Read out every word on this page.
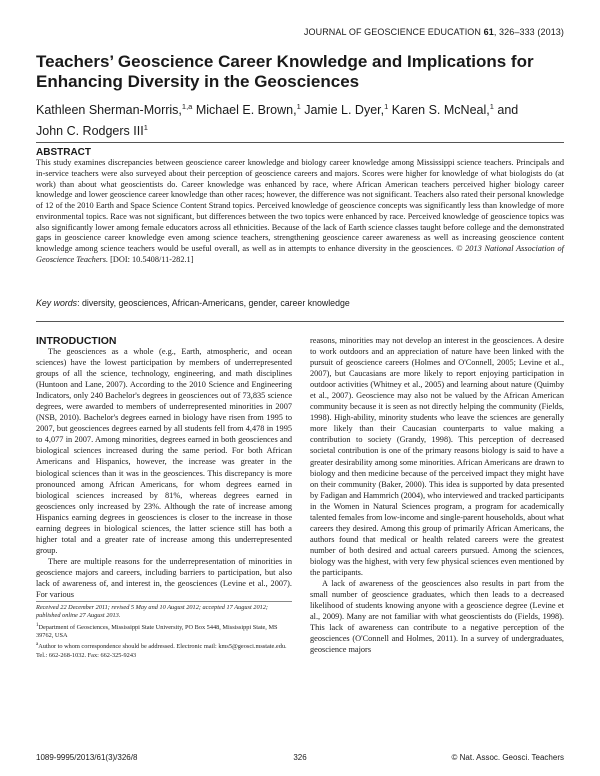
JOURNAL OF GEOSCIENCE EDUCATION 61, 326–333 (2013)
Teachers’ Geoscience Career Knowledge and Implications for Enhancing Diversity in the Geosciences
Kathleen Sherman-Morris,$^{1,a}$ Michael E. Brown,$^1$ Jamie L. Dyer,$^1$ Karen S. McNeal,$^1$ and
John C. Rodgers III$^1$
ABSTRACT

This study examines discrepancies between geoscience career knowledge and biology career knowledge among Mississippi science teachers. Principals and in-service teachers were also surveyed about their perception of geoscience careers and majors. Scores were higher for knowledge of what biologists do (at work) than about what geoscientists do. Career knowledge was enhanced by race, where African American teachers perceived higher biology career knowledge and lower geoscience career knowledge than other races; however, the difference was not significant. Teachers also rated their personal knowledge of 12 of the 2010 Earth and Space Science Content Strand topics. Perceived knowledge of geoscience concepts was significantly less than knowledge of more environmental topics. Race was not significant, but differences between the two topics were enhanced by race. Perceived knowledge of geoscience topics was also significantly lower among female educators across all ethnicities. Because of the lack of Earth science classes taught before college and the demonstrated gaps in geoscience career knowledge even among science teachers, strengthening geoscience career awareness as well as increasing geoscience content knowledge among science teachers would be useful overall, as well as in attempts to enhance diversity in the geosciences. © 2013 National Association of Geoscience Teachers. [DOI: 10.5408/11-282.1]

Key words: diversity, geosciences, African-Americans, gender, career knowledge
INTRODUCTION

The geosciences as a whole (e.g., Earth, atmospheric, and ocean sciences) have the lowest participation by members of underrepresented groups of all the science, technology, engineering, and math disciplines (Huntoon and Lane, 2007). According to the 2010 Science and Engineering Indicators, only 240 Bachelor's degrees in geosciences out of 73,835 science degrees, were awarded to members of underrepresented minorities in 2007 (NSB, 2010). Bachelor's degrees earned in biology have risen from 1995 to 2007, but geosciences degrees earned by all students fell from 4,478 in 1995 to 4,077 in 2007. Among minorities, degrees earned in both geosciences and biological sciences increased during the same period. For both African Americans and Hispanics, however, the increase was greater in the biological sciences than it was in the geosciences. This discrepancy is more pronounced among African Americans, for whom degrees earned in biological sciences increased by 81%, whereas degrees earned in geosciences only increased by 23%. Although the rate of increase among Hispanics earning degrees in geosciences is closer to the increase in those earning degrees in biological sciences, the latter science still has both a higher total and a greater rate of increase among this underrepresented group.

There are multiple reasons for the underrepresentation of minorities in geoscience majors and careers, including barriers to participation, but also lack of awareness of, and interest in, the geosciences (Levine et al., 2007). For various

reasons, minorities may not develop an interest in the geosciences. A desire to work outdoors and an appreciation of nature have been linked with the pursuit of geoscience careers (Holmes and O'Connell, 2005; Levine et al., 2007), but Caucasians are more likely to report enjoying participation in outdoor activities (Whitney et al., 2005) and learning about nature (Quimby et al., 2007). Geoscience may also not be valued by the African American community because it is seen as not directly helping the community (Fields, 1998). High-ability, minority students who leave the sciences are generally more likely than their Caucasian counterparts to value making a contribution to society (Grandy, 1998). This perception of decreased societal contribution is one of the primary reasons biology is said to have a greater desirability among some minorities. African Americans are drawn to biology and then medicine because of the perceived impact they might have on their community (Baker, 2000). This idea is supported by data presented by Fadigan and Hammrich (2004), who interviewed and tracked participants in the Women in Natural Sciences program, a program for academically talented females from low-income and single-parent households, about what careers they desired. Among this group of primarily African Americans, the authors found that medical or health related careers were the greatest number of both desired and actual careers pursued. Among the sciences, biology was the highest, with very few physical sciences even mentioned by the participants.

A lack of awareness of the geosciences also results in part from the small number of geoscience graduates, which then leads to a decreased likelihood of students knowing anyone with a geoscience degree (Levine et al., 2009). Many are not familiar with what geoscientists do (Fields, 1998). This lack of awareness can contribute to a negative perception of the geosciences (O'Connell and Holmes, 2011). In a survey of undergraduates, geoscience majors

Received 22 December 2011; revised 5 May and 10 August 2012; accepted 17 August 2012; published online 27 August 2013.
$^1$Department of Geosciences, Mississippi State University, PO Box 5448, Mississippi State, MS 39762, USA
$^a$Author to whom correspondence should be addressed. Electronic mail: kms5@geosci.msstate.edu. Tel.: 662-268-1032. Fax: 662-325-9243
1089-9995/2013/61(3)/326/8	326	© Nat. Assoc. Geosci. Teachers
